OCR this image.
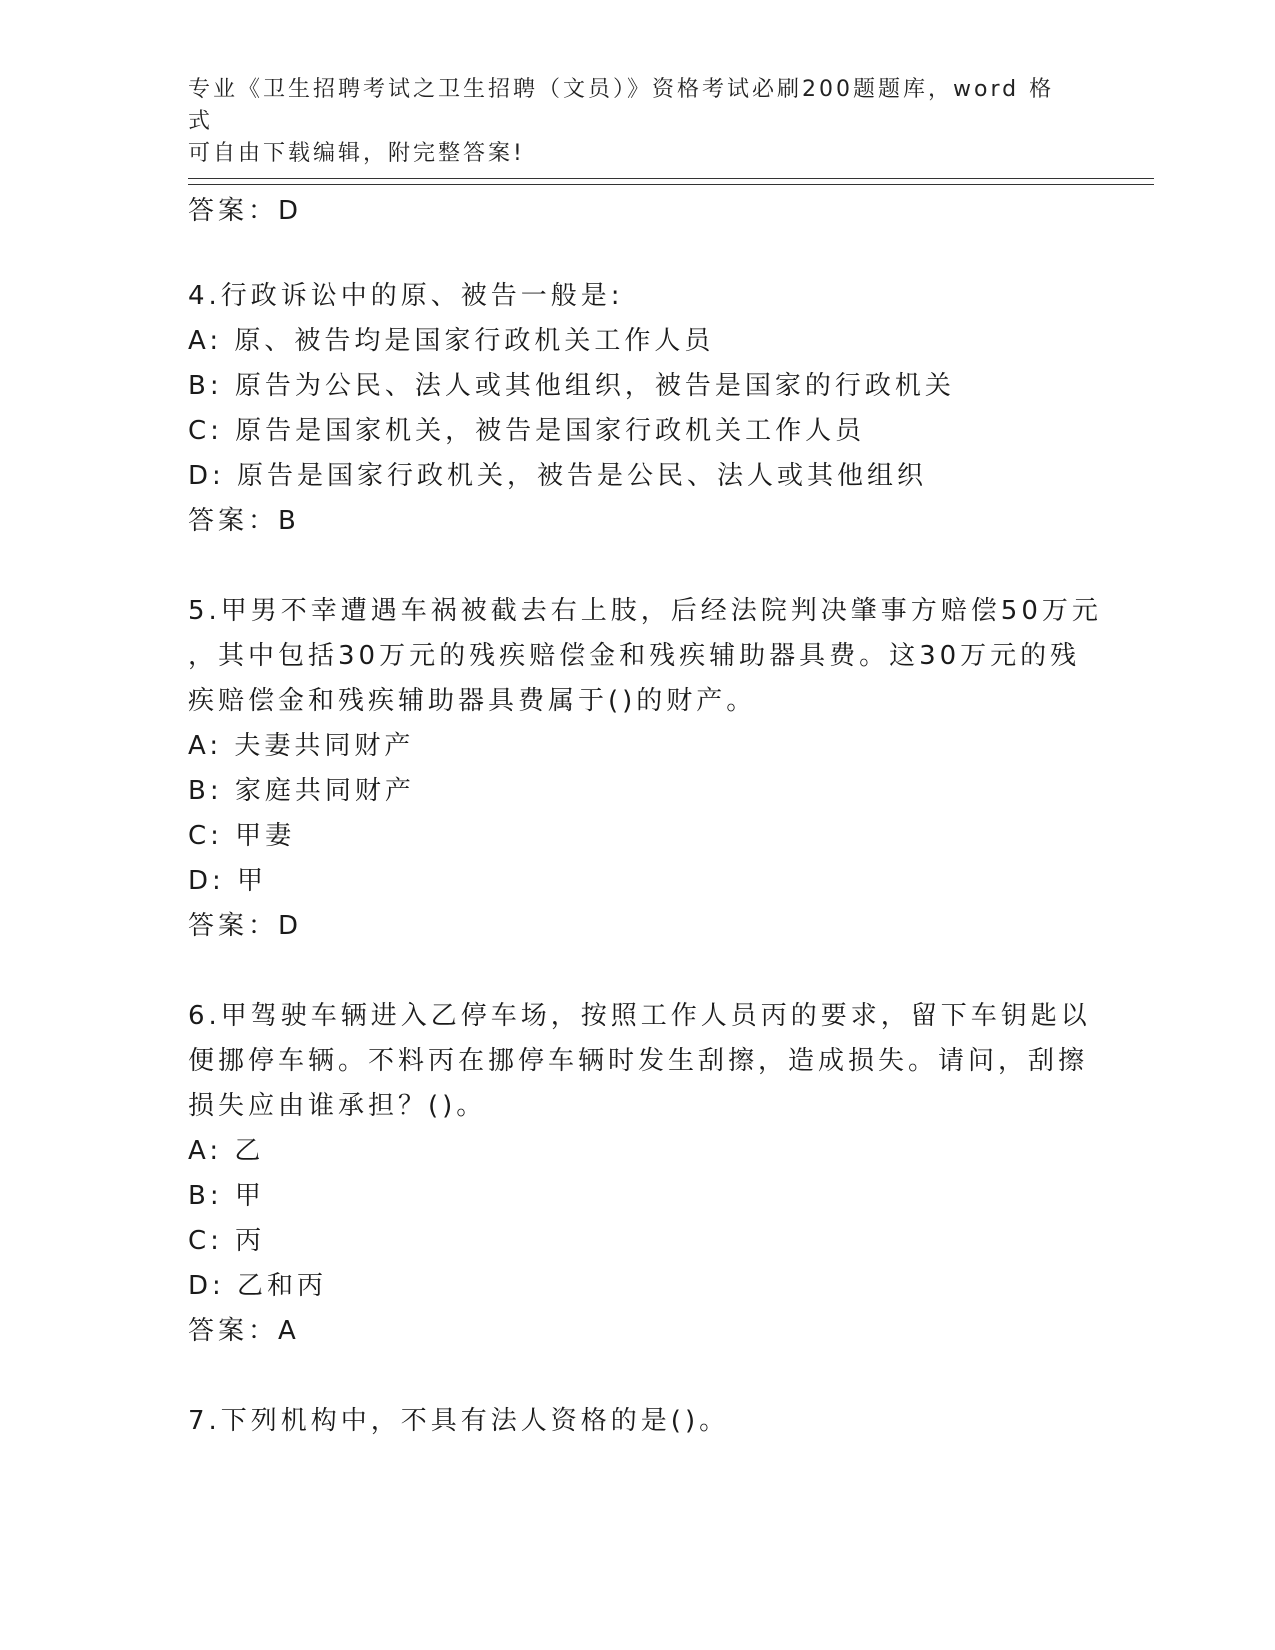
专业《卫生招聘考试之卫生招聘（文员）》资格考试必刷200题题库，word 格式
可自由下载编辑，附完整答案!
答案：D
4.行政诉讼中的原、被告一般是:
A: 原、被告均是国家行政机关工作人员
B: 原告为公民、法人或其他组织，被告是国家的行政机关
C: 原告是国家机关，被告是国家行政机关工作人员
D: 原告是国家行政机关，被告是公民、法人或其他组织
答案：B
5.甲男不幸遭遇车祸被截去右上肢，后经法院判决肇事方赔偿50万元
，其中包括30万元的残疾赔偿金和残疾辅助器具费。这30万元的残
疾赔偿金和残疾辅助器具费属于()的财产。
A: 夫妻共同财产
B: 家庭共同财产
C: 甲妻
D: 甲
答案：D
6.甲驾驶车辆进入乙停车场，按照工作人员丙的要求，留下车钥匙以
便挪停车辆。不料丙在挪停车辆时发生刮擦，造成损失。请问，刮擦
损失应由谁承担？()。
A: 乙
B: 甲
C: 丙
D: 乙和丙
答案：A
7.下列机构中，不具有法人资格的是()。
